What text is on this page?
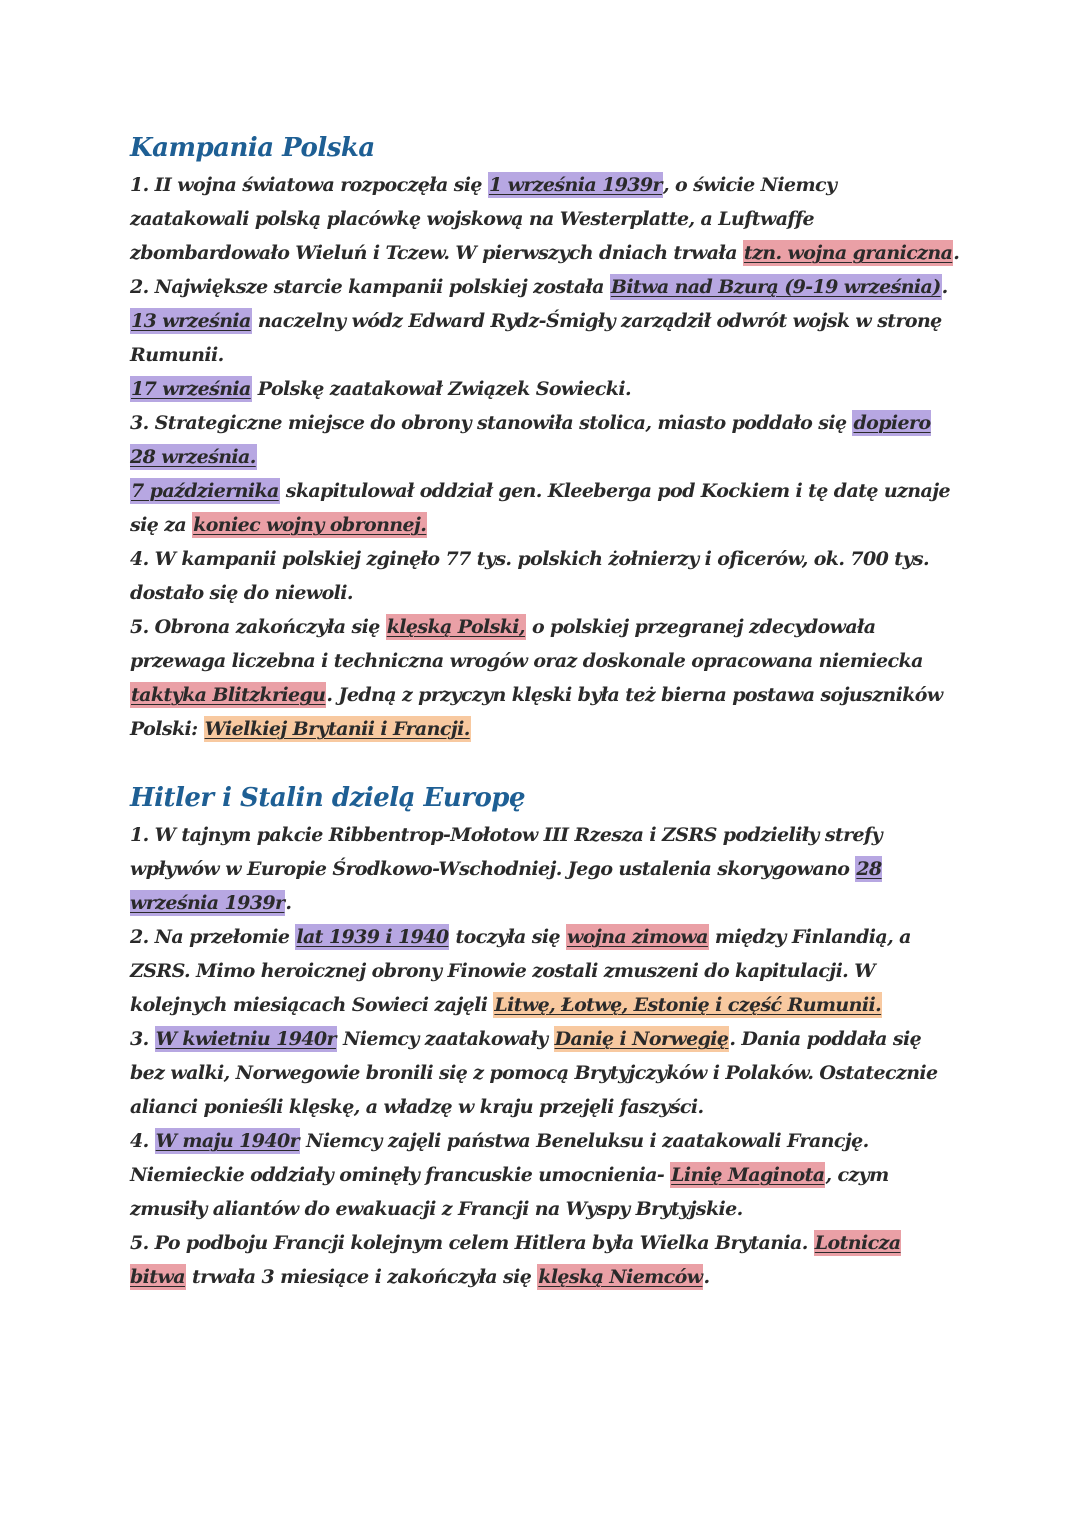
Kampania Polska

1. II wojna światowa rozpoczęła się 1 września 1939r, o świcie Niemcy zaatakowali polską placówkę wojskową na Westerplatte, a Luftwaffe zbombardowało Wieluń i Tczew. W pierwszych dniach trwała tzn. wojna graniczna.

2. Największe starcie kampanii polskiej została Bitwa nad Bzurą (9-19 września).

13 września naczelny wódz Edward Rydz-Śmigły zarządził odwrót wojsk w stronę Rumunii.

17 września Polskę zaatakował Związek Sowiecki.

3. Strategiczne miejsce do obrony stanowiła stolica, miasto poddało się dopiero 28 września.

7 października skapitulował oddział gen. Kleeberga pod Kockiem i tę datę uznaje się za koniec wojny obronnej.

4. W kampanii polskiej zginęło 77 tys. polskich żołnierzy i oficerów, ok. 700 tys. dostało się do niewoli.

5. Obrona zakończyła się klęską Polski, o polskiej przegranej zdecydowała przewaga liczebna i techniczna wrogów oraz doskonale opracowana niemiecka taktyka Blitzkriegu. Jedną z przyczyn klęski była też bierna postawa sojuszników Polski: Wielkiej Brytanii i Francji.

Hitler i Stalin dzielą Europę

1. W tajnym pakcie Ribbentrop-Mołotow III Rzesza i ZSRS podzieliły strefy wpływów w Europie Środkowo-Wschodniej. Jego ustalenia skorygowano 28 września 1939r.

2. Na przełomie lat 1939 i 1940 toczyła się wojna zimowa między Finlandią, a ZSRS. Mimo heroicznej obrony Finowie zostali zmuszeni do kapitulacji. W kolejnych miesiącach Sowieci zajęli Litwę, Łotwę, Estonię i część Rumunii.

3. W kwietniu 1940r Niemcy zaatakowały Danię i Norwegię. Dania poddała się bez walki, Norwegowie bronili się z pomocą Brytyjczyków i Polaków. Ostatecznie alianci ponieśli klęskę, a władzę w kraju przejęli faszyści.

4. W maju 1940r Niemcy zajęli państwa Beneluksu i zaatakowali Francję. Niemieckie oddziały ominęły francuskie umocnienia- Linię Maginota, czym zmusiły aliantów do ewakuacji z Francji na Wyspy Brytyjskie.

5. Po podboju Francji kolejnym celem Hitlera była Wielka Brytania. Lotnicza bitwa trwała 3 miesiące i zakończyła się klęską Niemców.
